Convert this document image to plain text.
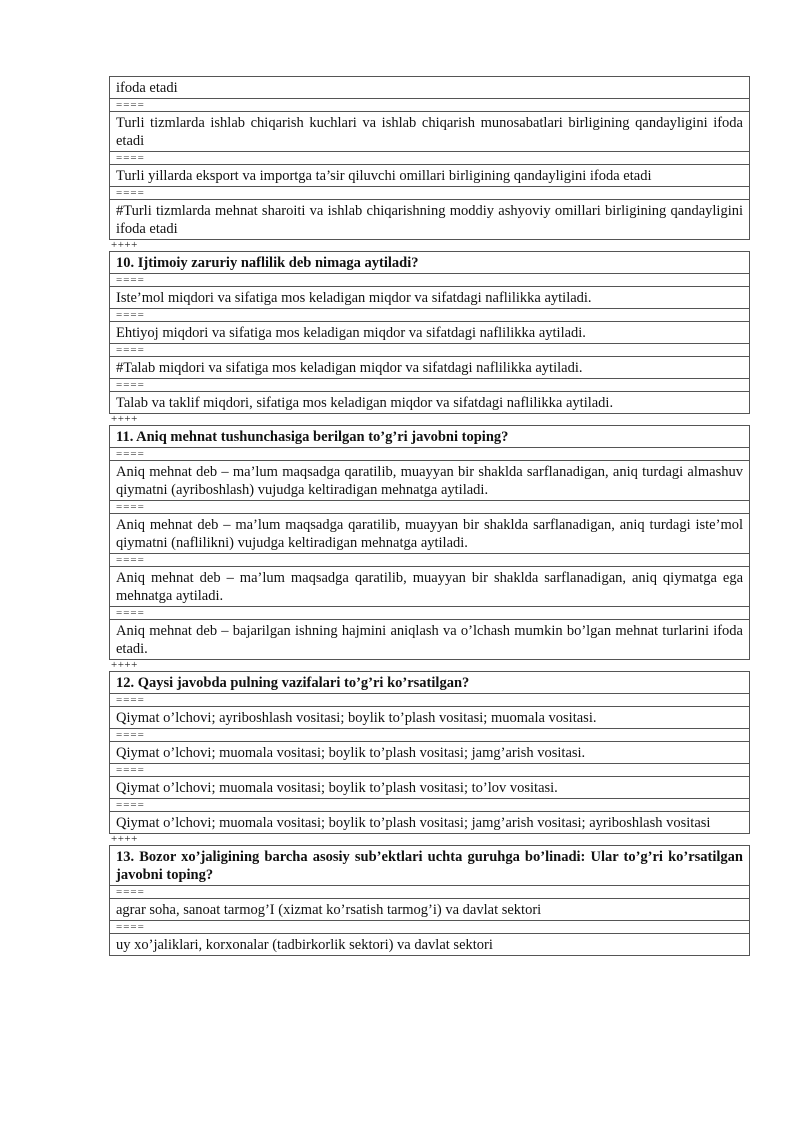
ifoda etadi
====
Turli tizmlarda ishlab chiqarish kuchlari va ishlab chiqarish munosabatlari birligining qandayligini ifoda etadi
====
Turli yillarda eksport va importga ta’sir qiluvchi omillari birligining qandayligini ifoda etadi
====
#Turli tizmlarda mehnat sharoiti va ishlab chiqarishning moddiy ashyoviy omillari birligining qandayligini ifoda etadi
++++
10. Ijtimoiy zaruriy naflilik deb nimaga aytiladi?
====
Iste’mol miqdori va sifatiga mos keladigan miqdor va sifatdagi naflilikka aytiladi.
====
Ehtiyoj miqdori va sifatiga mos keladigan miqdor va sifatdagi naflilikka aytiladi.
====
#Talab miqdori va sifatiga mos keladigan miqdor va sifatdagi naflilikka aytiladi.
====
Talab va taklif miqdori, sifatiga mos keladigan miqdor va sifatdagi naflilikka aytiladi.
++++
11. Aniq mehnat tushunchasiga berilgan to’g’ri javobni toping?
====
Aniq mehnat deb – ma’lum maqsadga qaratilib, muayyan bir shaklda sarflanadigan, aniq turdagi almashuv qiymatni (ayriboshlash) vujudga keltiradigan mehnatga aytiladi.
====
Aniq mehnat deb – ma’lum maqsadga qaratilib, muayyan bir shaklda sarflanadigan, aniq turdagi iste’mol qiymatni (naflilikni) vujudga keltiradigan mehnatga aytiladi.
====
Aniq mehnat deb – ma’lum maqsadga qaratilib, muayyan bir shaklda sarflanadigan, aniq qiymatga ega mehnatga aytiladi.
====
Aniq mehnat deb – bajarilgan ishning hajmini aniqlash va o’lchash mumkin bo’lgan mehnat turlarini ifoda etadi.
++++
12. Qaysi javobda pulning vazifalari to’g’ri ko’rsatilgan?
====
Qiymat o’lchovi; ayriboshlash vositasi; boylik to’plash vositasi; muomala vositasi.
====
Qiymat o’lchovi; muomala vositasi; boylik to’plash vositasi; jamg’arish vositasi.
====
Qiymat o’lchovi; muomala vositasi; boylik to’plash vositasi; to’lov vositasi.
====
Qiymat o’lchovi; muomala vositasi; boylik to’plash vositasi; jamg’arish vositasi; ayriboshlash vositasi
++++
13. Bozor xo’jaligining barcha asosiy sub’ektlari uchta guruhga bo’linadi: Ular to’g’ri ko’rsatilgan javobni toping?
====
agrar soha, sanoat tarmog’I (xizmat ko’rsatish tarmog’i) va davlat sektori
====
uy xo’jaliklari, korxonalar (tadbirkorlik sektori) va davlat sektori
